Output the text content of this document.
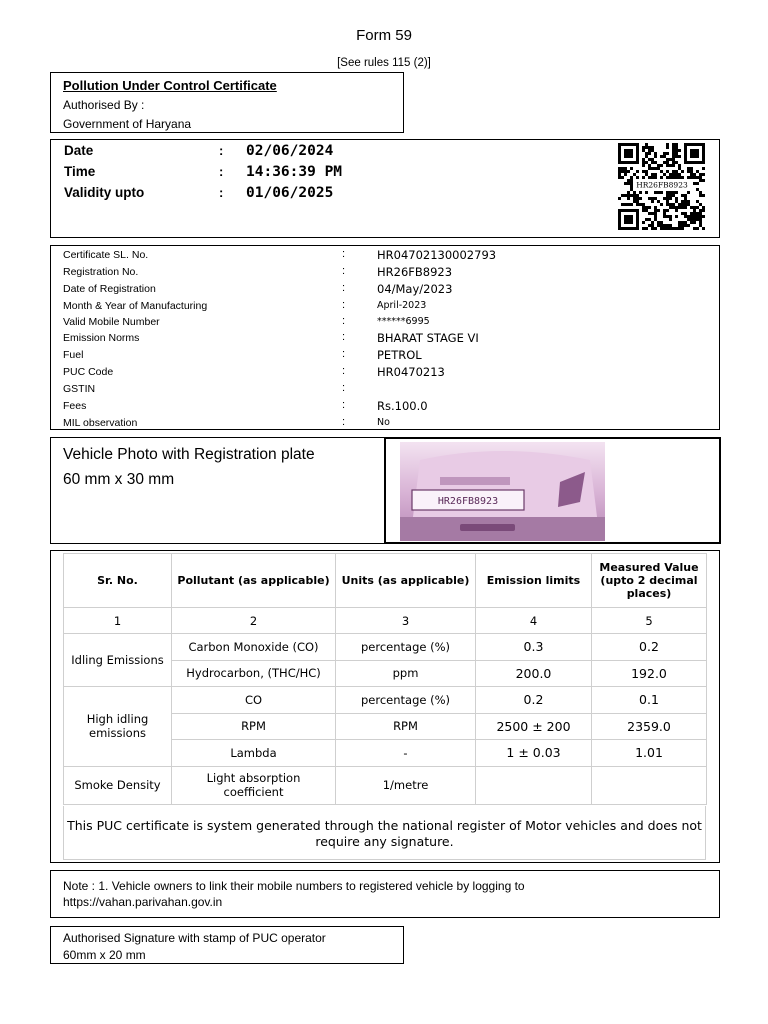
Form 59
[See rules 115 (2)]
Pollution Under Control Certificate
Authorised By :
Government of Haryana
Date	: 02/06/2024
Time	: 14:36:39 PM
Validity upto	: 01/06/2025	HR26FB8923
Certificate SL. No.	:	HR04702130002793
Registration No.	:	HR26FB8923
Date of Registration	:	04/May/2023
Month & Year of Manufacturing	:	April-2023
Valid Mobile Number	:	******6995
Emission Norms	:	BHARAT STAGE VI
Fuel	:	PETROL
PUC Code	:	HR0470213
GSTIN	:
Fees	:	Rs.100.0
MIL observation	:	No
Vehicle Photo with Registration plate
60 mm x 30 mm
HR26FB8923
Sr. No.	Pollutant (as applicable)	Units (as applicable)	Emission limits	Measured Value (upto 2 decimal places)
1	2	3	4	5
Idling Emissions	Carbon Monoxide (CO)	percentage (%)	0.3	0.2
	Hydrocarbon, (THC/HC)	ppm	200.0	192.0
High idling emissions	CO	percentage (%)	0.2	0.1
	RPM	RPM	2500 ± 200	2359.0
	Lambda	-	1 ± 0.03	1.01
Smoke Density	Light absorption coefficient	1/metre		
This PUC certificate is system generated through the national register of Motor vehicles and does not require any signature.
Note : 1. Vehicle owners to link their mobile numbers to registered vehicle by logging to
https://vahan.parivahan.gov.in
Authorised Signature with stamp of PUC operator
60mm x 20 mm
